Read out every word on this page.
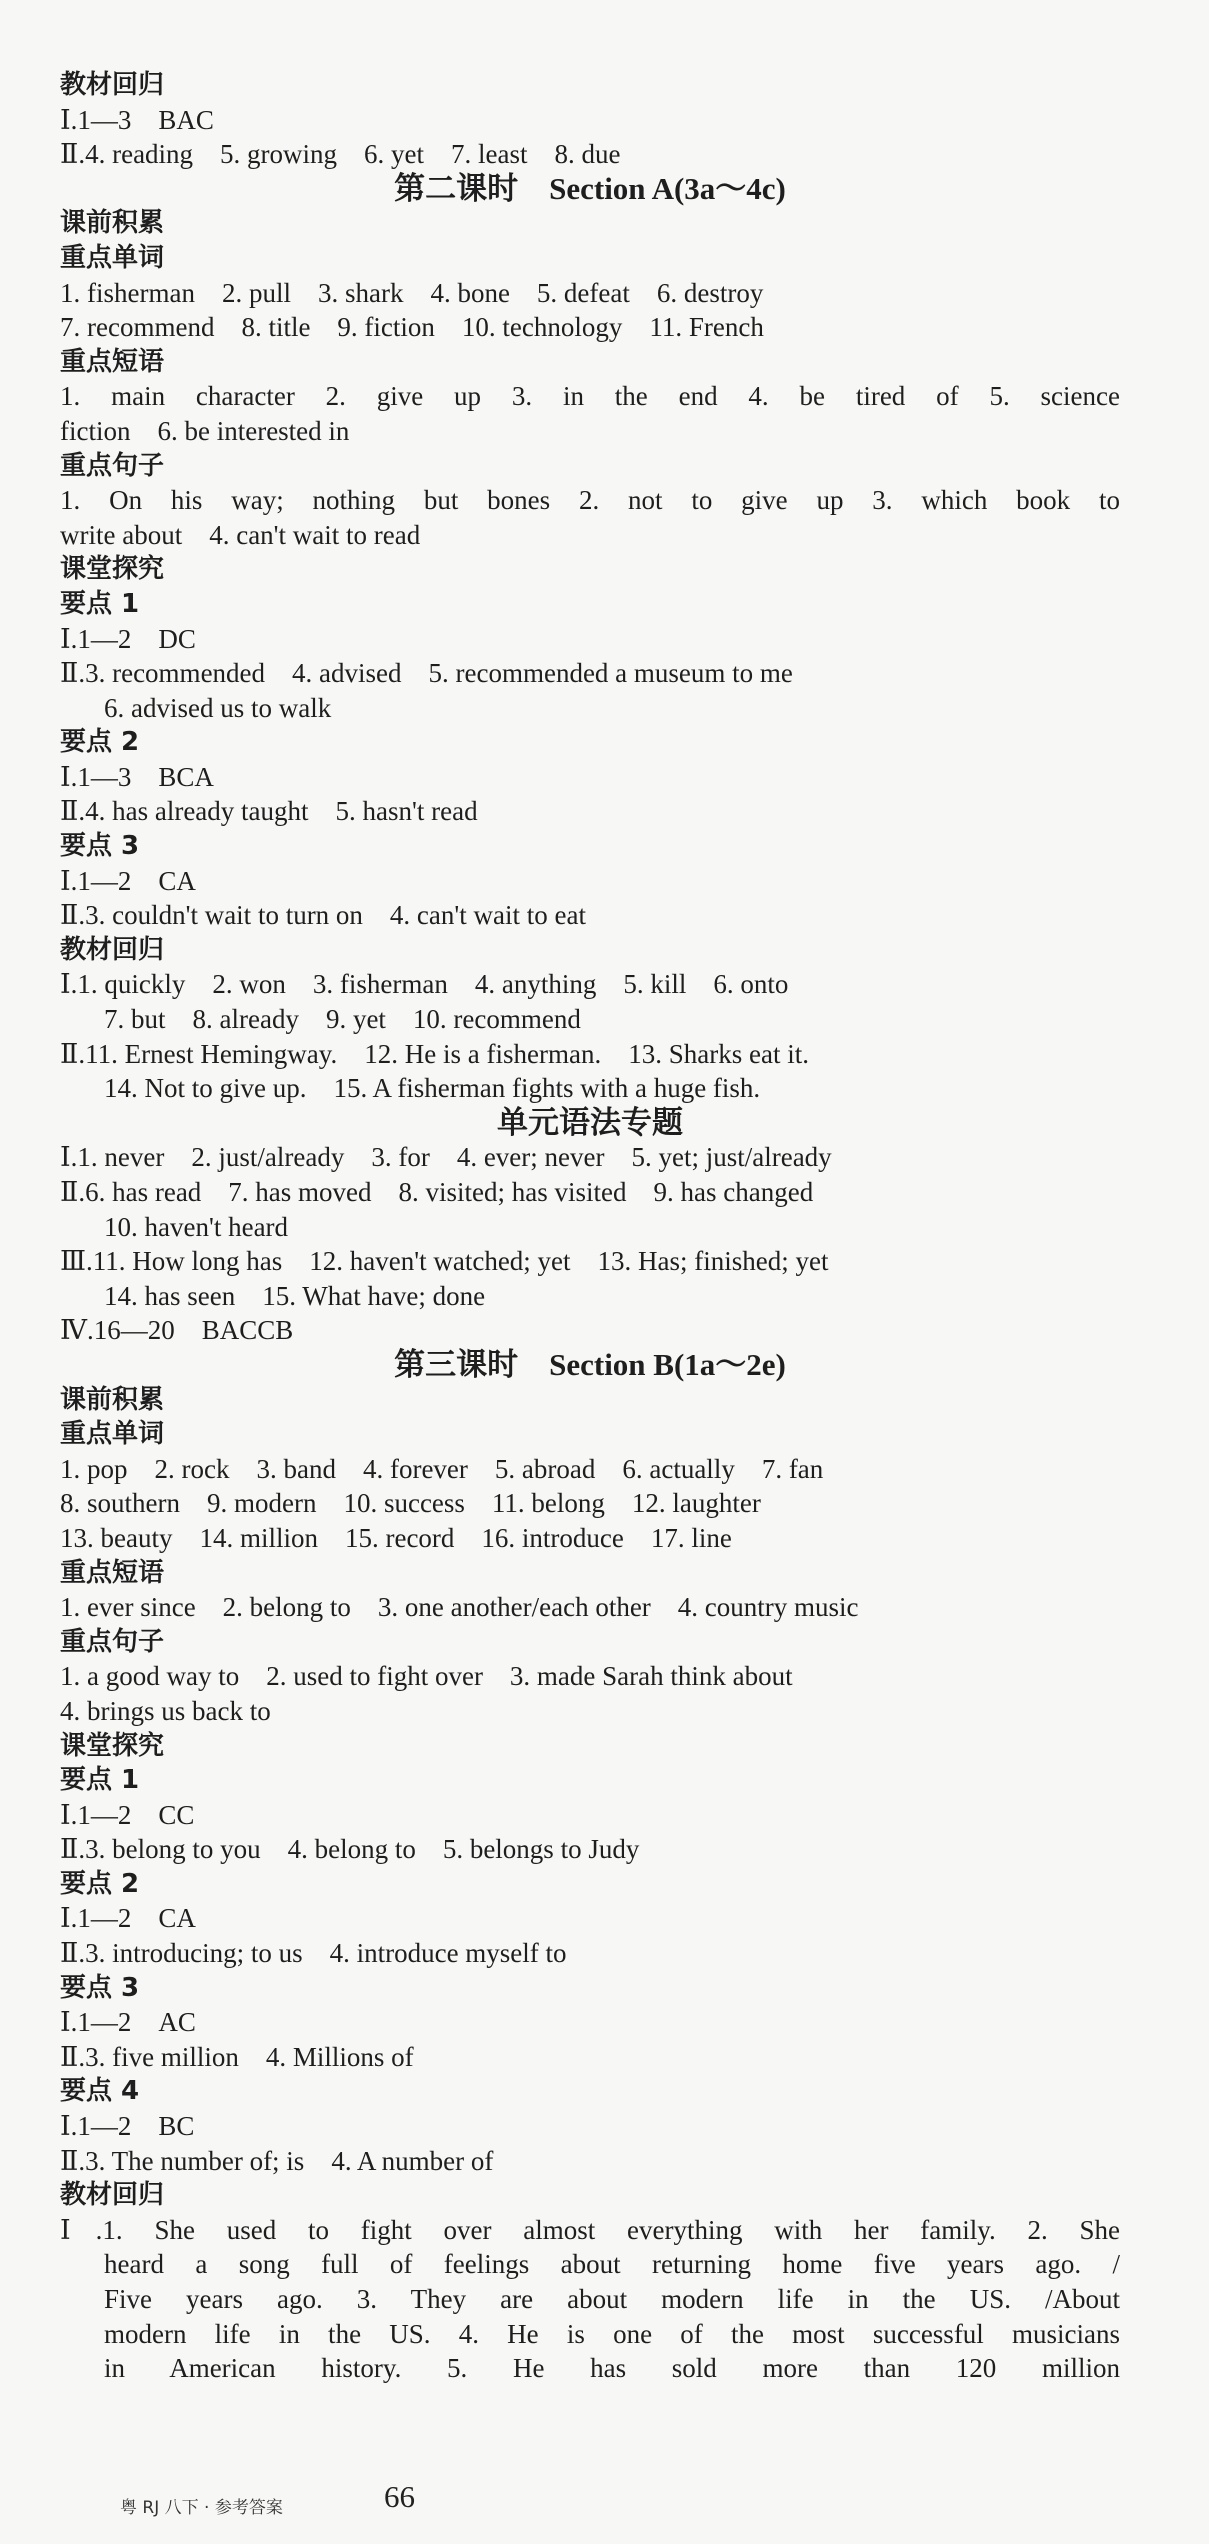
教材回归
Ⅰ.1—3　BAC
Ⅱ.4. reading　5. growing　6. yet　7. least　8. due
第二课时　Section A(3a～4c)
课前积累
重点单词
1. fisherman　2. pull　3. shark　4. bone　5. defeat　6. destroy
7. recommend　8. title　9. fiction　10. technology　11. French
重点短语
1. main character 2. give up 3. in the end 4. be tired of 5. science
fiction　6. be interested in
重点句子
1. On his way; nothing but bones 2. not to give up 3. which book to
write about　4. can't wait to read
课堂探究
要点 1
Ⅰ.1—2　DC
Ⅱ.3. recommended　4. advised　5. recommended a museum to me
6. advised us to walk
要点 2
Ⅰ.1—3　BCA
Ⅱ.4. has already taught　5. hasn't read
要点 3
Ⅰ.1—2　CA
Ⅱ.3. couldn't wait to turn on　4. can't wait to eat
教材回归
Ⅰ.1. quickly　2. won　3. fisherman　4. anything　5. kill　6. onto
7. but　8. already　9. yet　10. recommend
Ⅱ.11. Ernest Hemingway.　12. He is a fisherman.　13. Sharks eat it.
14. Not to give up.　15. A fisherman fights with a huge fish.
单元语法专题
Ⅰ.1. never　2. just/already　3. for　4. ever; never　5. yet; just/already
Ⅱ.6. has read　7. has moved　8. visited; has visited　9. has changed
10. haven't heard
Ⅲ.11. How long has　12. haven't watched; yet　13. Has; finished; yet
14. has seen　15. What have; done
Ⅳ.16—20　BACCB
第三课时　Section B(1a～2e)
课前积累
重点单词
1. pop　2. rock　3. band　4. forever　5. abroad　6. actually　7. fan
8. southern　9. modern　10. success　11. belong　12. laughter
13. beauty　14. million　15. record　16. introduce　17. line
重点短语
1. ever since　2. belong to　3. one another/each other　4. country music
重点句子
1. a good way to　2. used to fight over　3. made Sarah think about
4. brings us back to
课堂探究
要点 1
Ⅰ.1—2　CC
Ⅱ.3. belong to you　4. belong to　5. belongs to Judy
要点 2
Ⅰ.1—2　CA
Ⅱ.3. introducing; to us　4. introduce myself to
要点 3
Ⅰ.1—2　AC
Ⅱ.3. five million　4. Millions of
要点 4
Ⅰ.1—2　BC
Ⅱ.3. The number of; is　4. A number of
教材回归
Ⅰ.1. She used to fight over almost everything with her family. 2. She
heard a song full of feelings about returning home five years ago. /
Five years ago. 3. They are about modern life in the US. /About
modern life in the US. 4. He is one of the most successful musicians
in American history. 5. He has sold more than 120 million
粤 RJ 八下 · 参考答案	66
